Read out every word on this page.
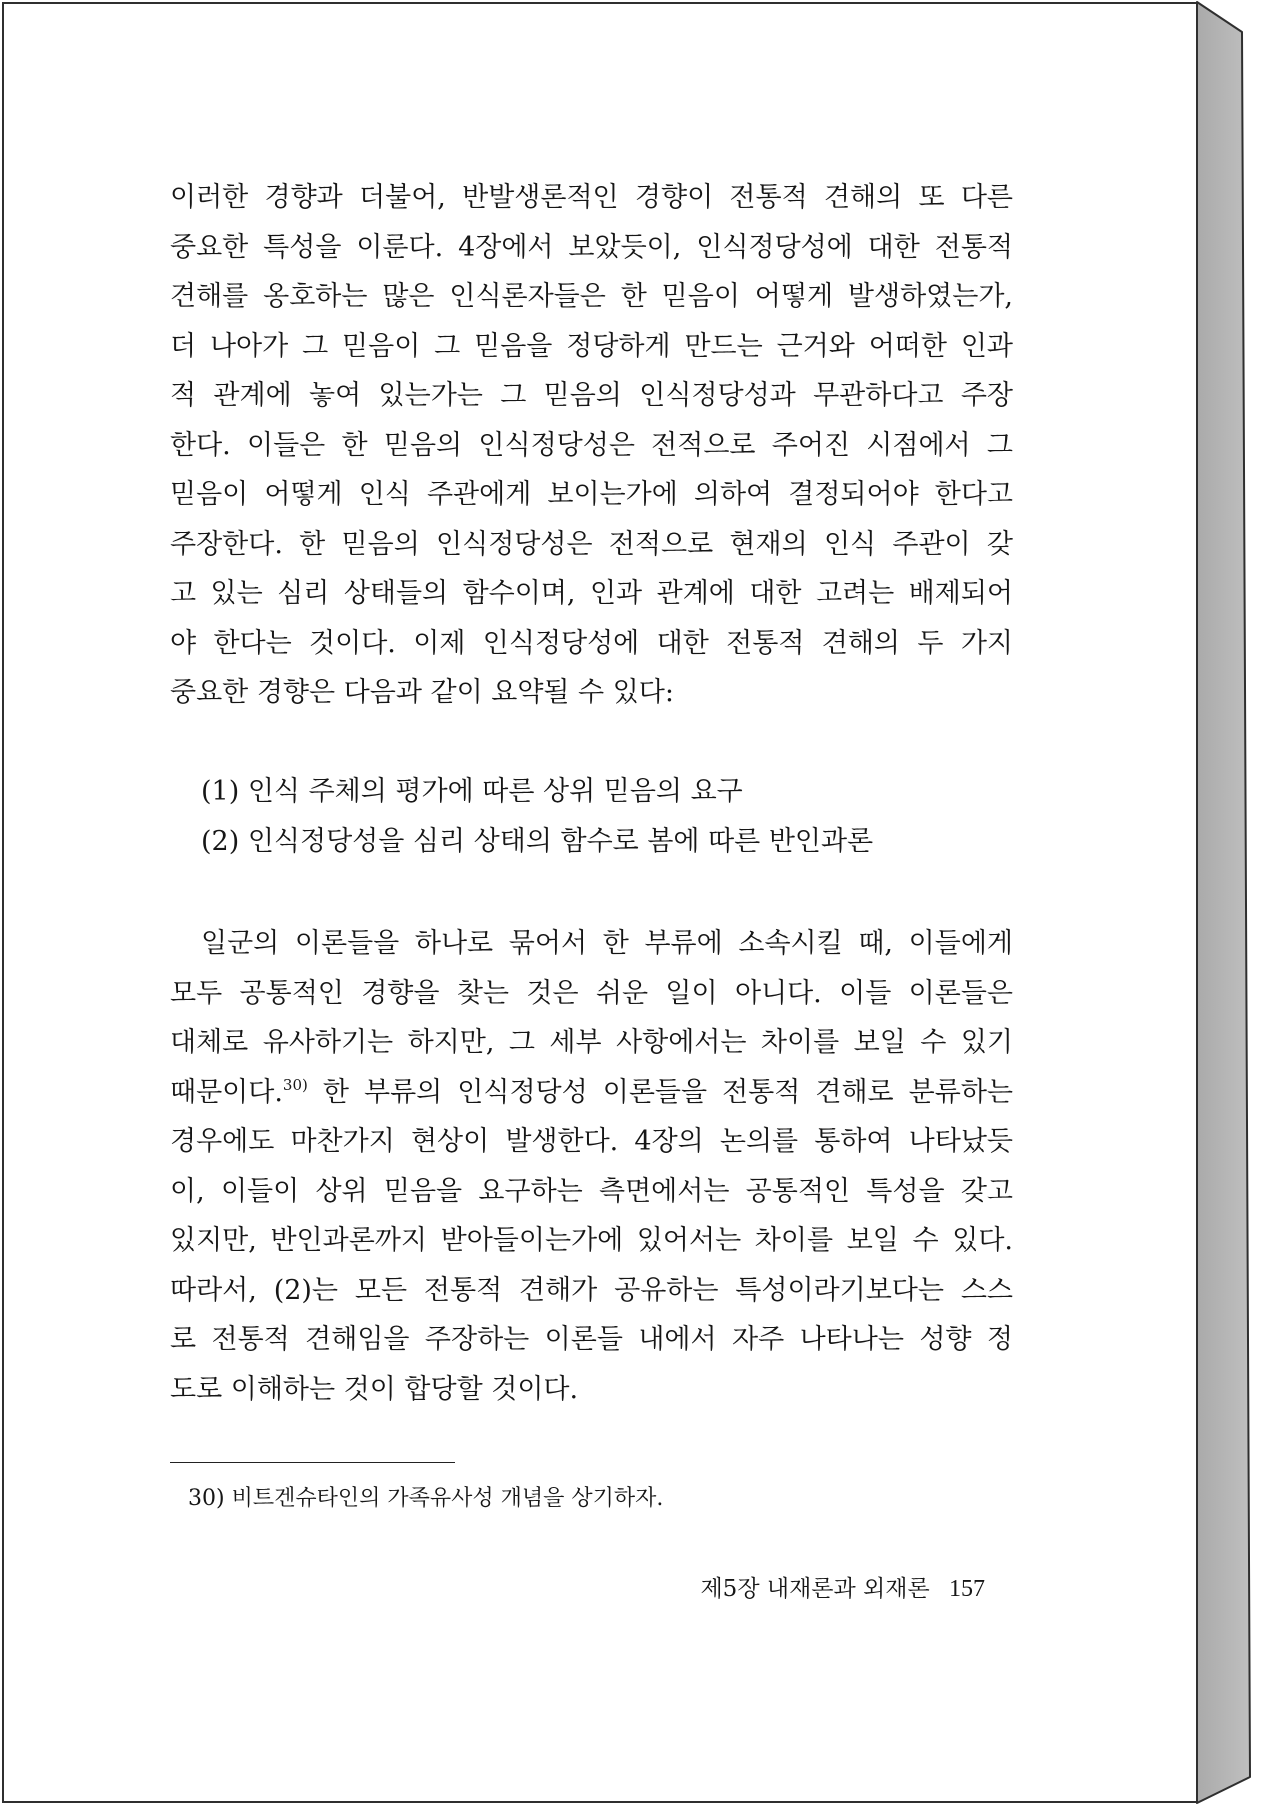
이러한 경향과 더불어, 반발생론적인 경향이 전통적 견해의 또 다른
중요한 특성을 이룬다. 4장에서 보았듯이, 인식정당성에 대한 전통적
견해를 옹호하는 많은 인식론자들은 한 믿음이 어떻게 발생하였는가,
더 나아가 그 믿음이 그 믿음을 정당하게 만드는 근거와 어떠한 인과
적 관계에 놓여 있는가는 그 믿음의 인식정당성과 무관하다고 주장
한다. 이들은 한 믿음의 인식정당성은 전적으로 주어진 시점에서 그
믿음이 어떻게 인식 주관에게 보이는가에 의하여 결정되어야 한다고
주장한다. 한 믿음의 인식정당성은 전적으로 현재의 인식 주관이 갖
고 있는 심리 상태들의 함수이며, 인과 관계에 대한 고려는 배제되어
야 한다는 것이다. 이제 인식정당성에 대한 전통적 견해의 두 가지
중요한 경향은 다음과 같이 요약될 수 있다:
(1) 인식 주체의 평가에 따른 상위 믿음의 요구
(2) 인식정당성을 심리 상태의 함수로 봄에 따른 반인과론
일군의 이론들을 하나로 묶어서 한 부류에 소속시킬 때, 이들에게
모두 공통적인 경향을 찾는 것은 쉬운 일이 아니다. 이들 이론들은
대체로 유사하기는 하지만, 그 세부 사항에서는 차이를 보일 수 있기
때문이다.$^{30)}$ 한 부류의 인식정당성 이론들을 전통적 견해로 분류하는
경우에도 마찬가지 현상이 발생한다. 4장의 논의를 통하여 나타났듯
이, 이들이 상위 믿음을 요구하는 측면에서는 공통적인 특성을 갖고
있지만, 반인과론까지 받아들이는가에 있어서는 차이를 보일 수 있다.
따라서, (2)는 모든 전통적 견해가 공유하는 특성이라기보다는 스스
로 전통적 견해임을 주장하는 이론들 내에서 자주 나타나는 성향 정
도로 이해하는 것이 합당할 것이다.
30) 비트겐슈타인의 가족유사성 개념을 상기하자.
제5장 내재론과 외재론 157
